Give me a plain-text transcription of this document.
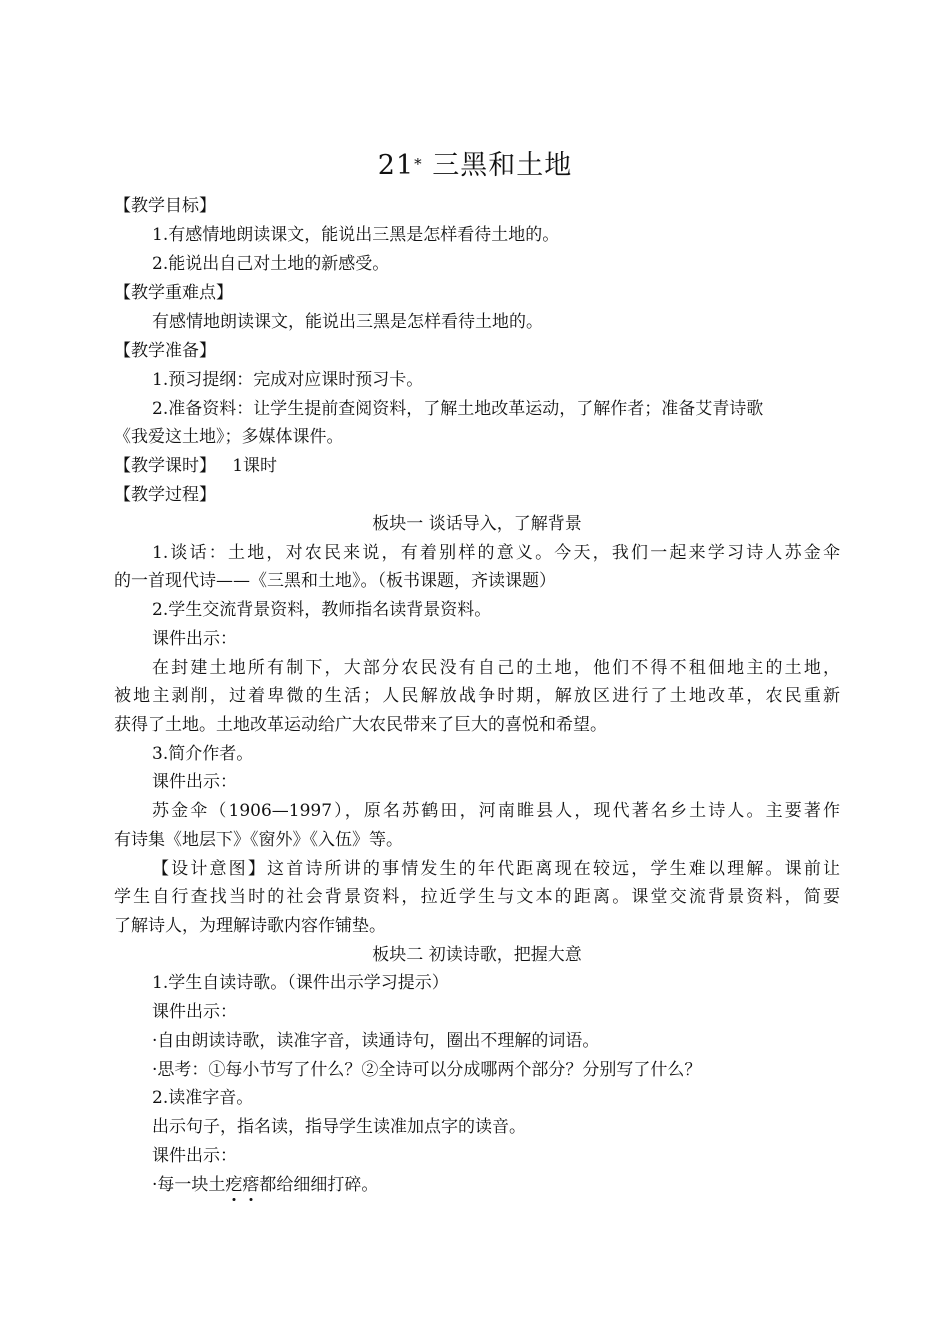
21* 三黑和土地
【教学目标】
1.有感情地朗读课文，能说出三黑是怎样看待土地的。
2.能说出自己对土地的新感受。
【教学重难点】
有感情地朗读课文，能说出三黑是怎样看待土地的。
【教学准备】
1.预习提纲：完成对应课时预习卡。
2.准备资料：让学生提前查阅资料，了解土地改革运动，了解作者；准备艾青诗歌
《我爱这土地》；多媒体课件。
【教学课时】 1课时
【教学过程】
板块一 谈话导入，了解背景
1.谈话：土地，对农民来说，有着别样的意义。今天，我们一起来学习诗人苏金伞
的一首现代诗——《三黑和土地》。（板书课题，齐读课题）
2.学生交流背景资料，教师指名读背景资料。
课件出示：
在封建土地所有制下，大部分农民没有自己的土地，他们不得不租佃地主的土地，
被地主剥削，过着卑微的生活；人民解放战争时期，解放区进行了土地改革，农民重新
获得了土地。土地改革运动给广大农民带来了巨大的喜悦和希望。
3.简介作者。
课件出示：
苏金伞（1906—1997），原名苏鹤田，河南睢县人，现代著名乡土诗人。主要著作
有诗集《地层下》《窗外》《入伍》等。
【设计意图】这首诗所讲的事情发生的年代距离现在较远，学生难以理解。课前让
学生自行查找当时的社会背景资料，拉近学生与文本的距离。课堂交流背景资料，简要
了解诗人，为理解诗歌内容作铺垫。
板块二 初读诗歌，把握大意
1.学生自读诗歌。（课件出示学习提示）
课件出示：
·自由朗读诗歌，读准字音，读通诗句，圈出不理解的词语。
·思考：①每小节写了什么？②全诗可以分成哪两个部分？分别写了什么？
2.读准字音。
出示句子，指名读，指导学生读准加点字的读音。
课件出示：
·每一块土疙瘩都给细细打碎。
